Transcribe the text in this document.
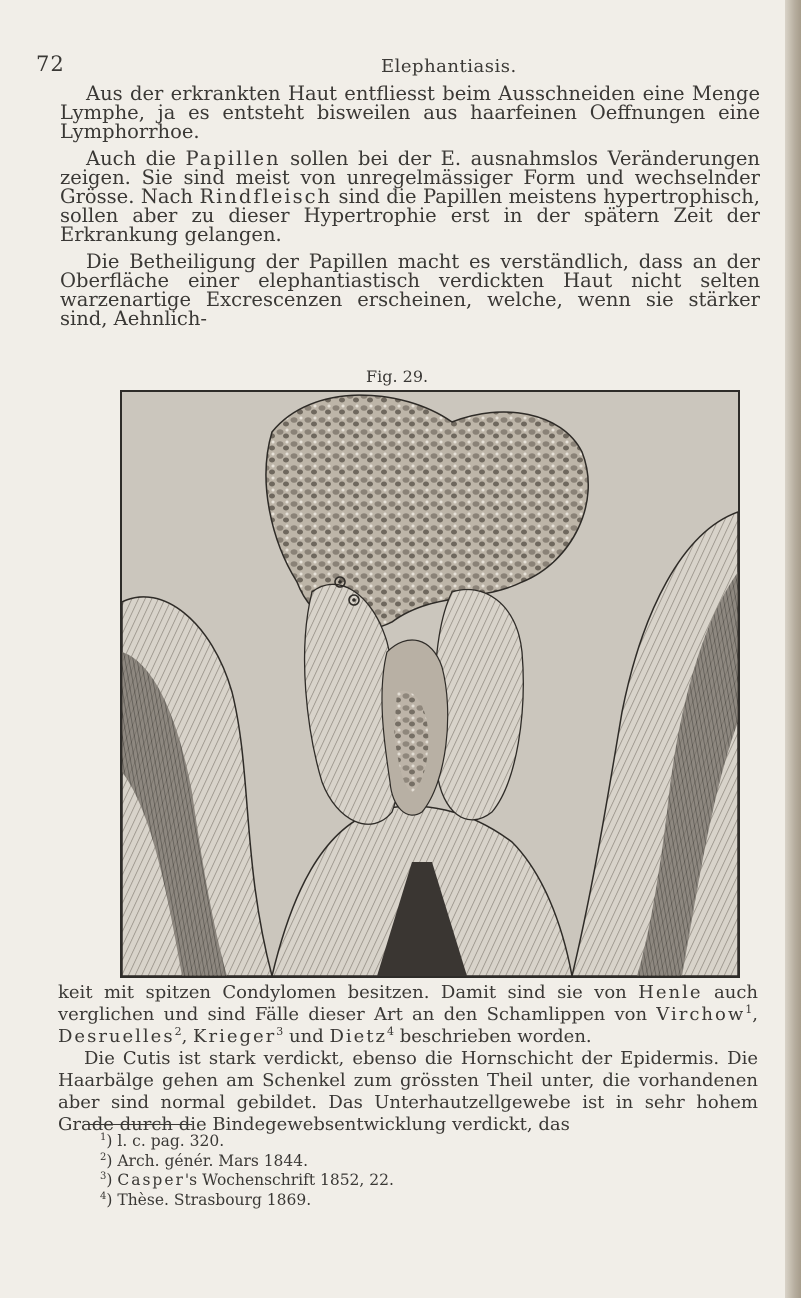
72	Elephantiasis.

Aus der erkrankten Haut entfliesst beim Ausschneiden eine Menge Lymphe, ja es entsteht bisweilen aus haarfeinen Oeffnungen eine Lymphorrhoe.

Auch die Papillen sollen bei der E. ausnahmslos Veränderungen zeigen. Sie sind meist von unregelmässiger Form und wechselnder Grösse. Nach Rindfleisch sind die Papillen meistens hypertrophisch, sollen aber zu dieser Hypertrophie erst in der spätern Zeit der Erkrankung gelangen.

Die Betheiligung der Papillen macht es verständlich, dass an der Oberfläche einer elephantiastisch verdickten Haut nicht selten warzenartige Excrescenzen erscheinen, welche, wenn sie stärker sind, Aehnlich-

Fig. 29.

keit mit spitzen Condylomen besitzen. Damit sind sie von Henle auch verglichen und sind Fälle dieser Art an den Schamlippen von Virchow$^1$, Desruelles$^2$, Krieger$^3$ und Dietz$^4$ beschrieben worden.

Die Cutis ist stark verdickt, ebenso die Hornschicht der Epidermis. Die Haarbälge gehen am Schenkel zum grössten Theil unter, die vorhandenen aber sind normal gebildet. Das Unterhautzellgewebe ist in sehr hohem Grade durch die Bindegewebsentwicklung verdickt, das

$^1$) l. c. pag. 320.
$^2$) Arch. génér. Mars 1844.
$^3$) Casper's Wochenschrift 1852, 22.
$^4$) Thèse. Strasbourg 1869.
